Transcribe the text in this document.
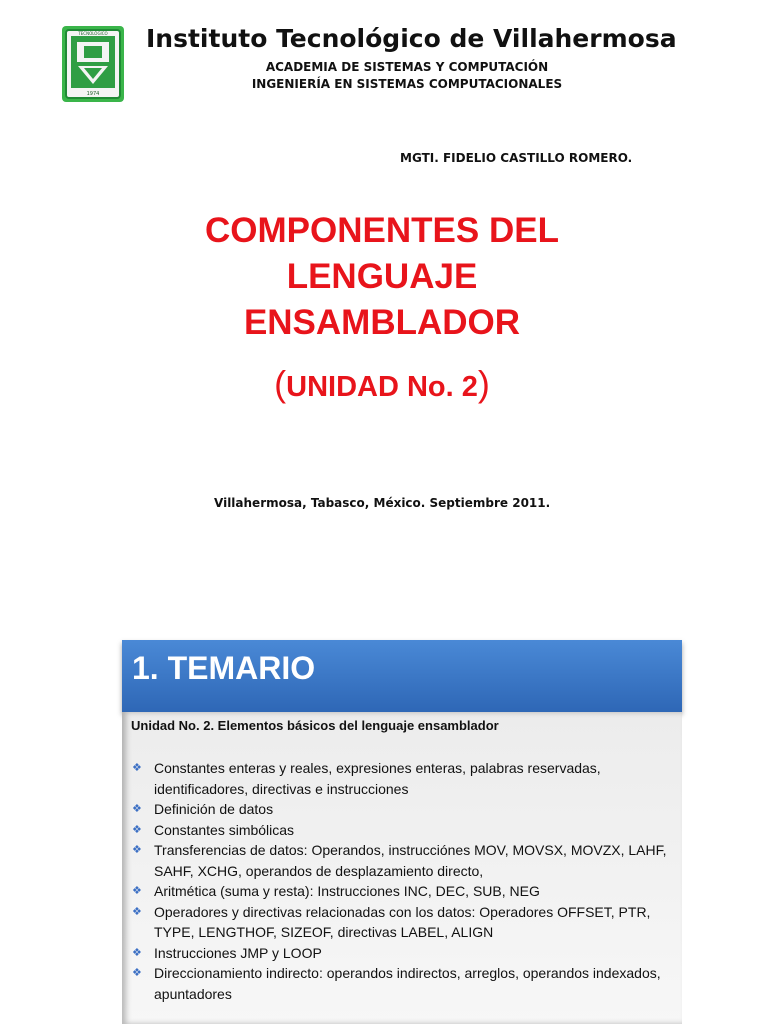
TECNOLÓGICO
1974
Instituto Tecnológico de Villahermosa
ACADEMIA DE SISTEMAS Y COMPUTACIÓN
INGENIERÍA EN SISTEMAS COMPUTACIONALES
MGTI. FIDELIO CASTILLO ROMERO.
COMPONENTES DEL
LENGUAJE
ENSAMBLADOR
(UNIDAD No. 2)
Villahermosa, Tabasco, México. Septiembre 2011.
1. TEMARIO
Unidad No. 2. Elementos básicos del lenguaje ensamblador
❖ Constantes enteras y reales, expresiones enteras, palabras reservadas, identificadores, directivas e instrucciones
❖ Definición de datos
❖ Constantes simbólicas
❖ Transferencias de datos: Operandos, instrucciónes MOV, MOVSX, MOVZX, LAHF, SAHF, XCHG, operandos de desplazamiento directo,
❖ Aritmética (suma y resta): Instrucciones INC, DEC, SUB, NEG
❖ Operadores y directivas relacionadas con los datos: Operadores OFFSET, PTR, TYPE, LENGTHOF, SIZEOF, directivas LABEL, ALIGN
❖ Instrucciones JMP y LOOP
❖ Direccionamiento indirecto: operandos indirectos, arreglos, operandos indexados, apuntadores
